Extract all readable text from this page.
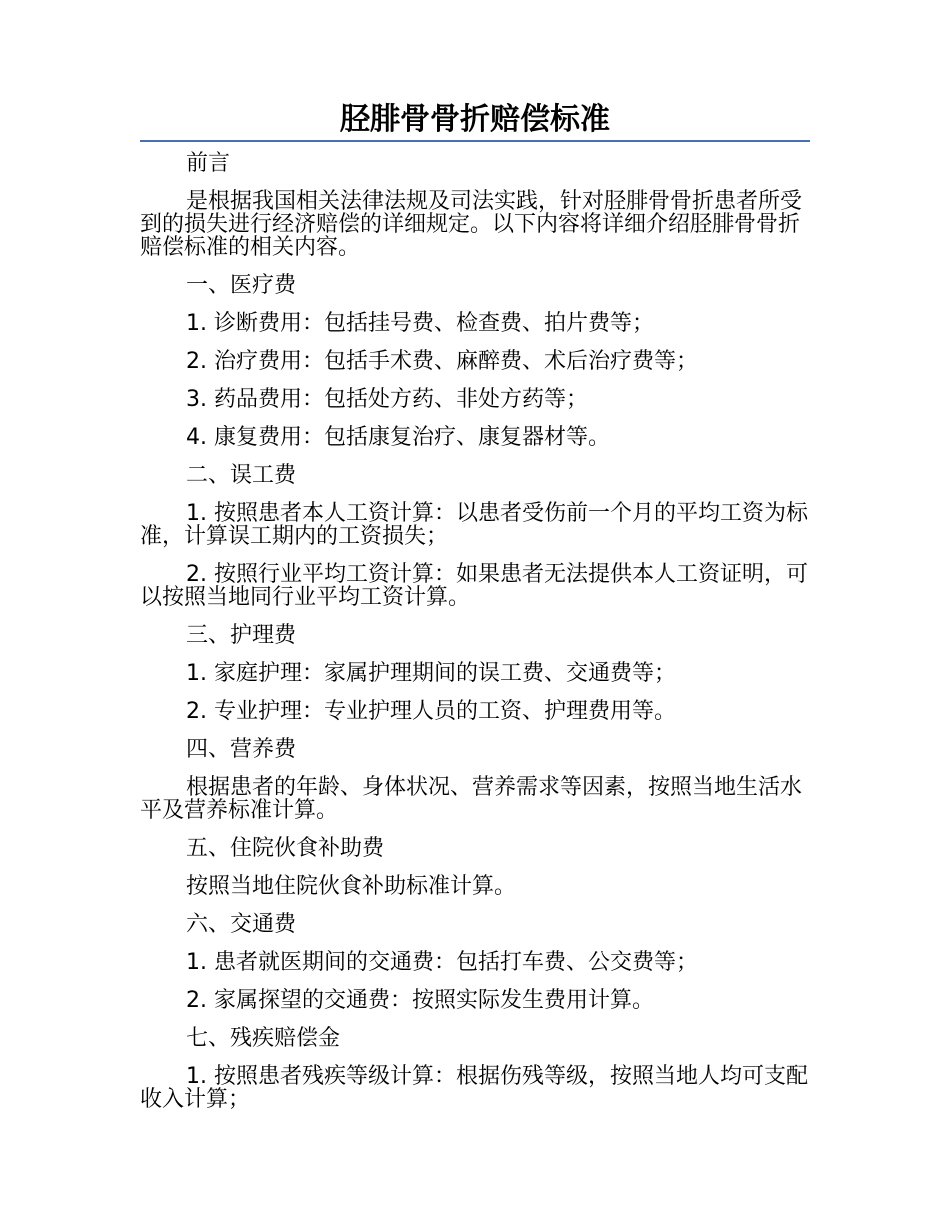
胫腓骨骨折赔偿标准
前言
是根据我国相关法律法规及司法实践，针对胫腓骨骨折患者所受到的损失进行经济赔偿的详细规定。以下内容将详细介绍胫腓骨骨折赔偿标准的相关内容。
一、医疗费
1. 诊断费用：包括挂号费、检查费、拍片费等；
2. 治疗费用：包括手术费、麻醉费、术后治疗费等；
3. 药品费用：包括处方药、非处方药等；
4. 康复费用：包括康复治疗、康复器材等。
二、误工费
1. 按照患者本人工资计算：以患者受伤前一个月的平均工资为标准，计算误工期内的工资损失；
2. 按照行业平均工资计算：如果患者无法提供本人工资证明，可以按照当地同行业平均工资计算。
三、护理费
1. 家庭护理：家属护理期间的误工费、交通费等；
2. 专业护理：专业护理人员的工资、护理费用等。
四、营养费
根据患者的年龄、身体状况、营养需求等因素，按照当地生活水平及营养标准计算。
五、住院伙食补助费
按照当地住院伙食补助标准计算。
六、交通费
1. 患者就医期间的交通费：包括打车费、公交费等；
2. 家属探望的交通费：按照实际发生费用计算。
七、残疾赔偿金
1. 按照患者残疾等级计算：根据伤残等级，按照当地人均可支配收入计算；
